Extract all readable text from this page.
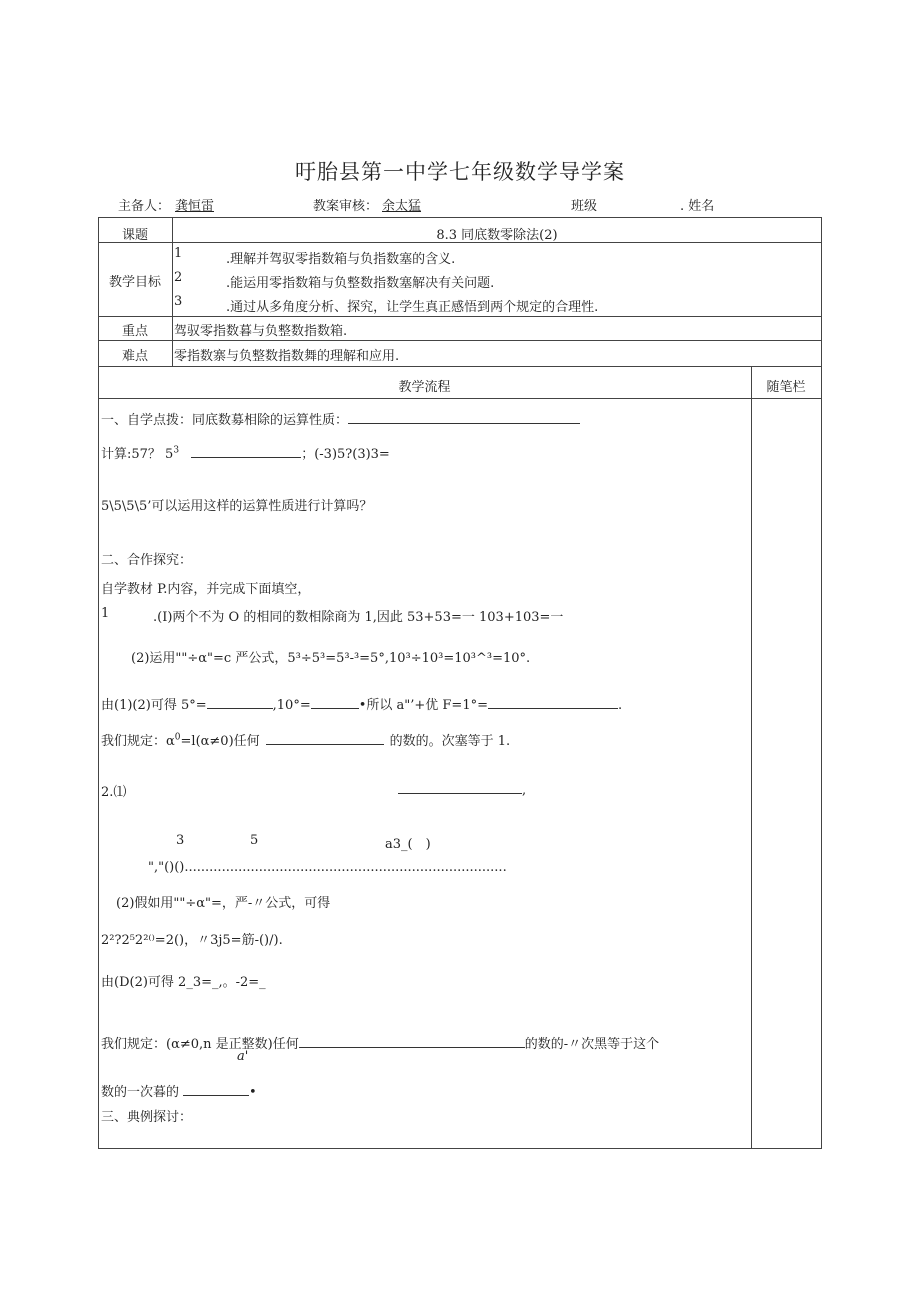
吁胎县第一中学七年级数学导学案
主备人： 龚恒雷	教案审核： 余太猛	班级	. 姓名
课题	8.3 同底数零除法(2)
教学目标
1	.理解并驾驭零指数箱与负指数塞的含义.
2	.能运用零指数箱与负整数指数塞解决有关问题.
3	.通过从多角度分析、探究，让学生真正感悟到两个规定的合理性.
重点	驾驭零指数暮与负整数指数箱.
难点	零指数寨与负整数指数舞的理解和应用.
教学流程	随笔栏
一、自学点拨：同底数募相除的运算性质：
计算:57？ $5^3$	；(-3)5?(3)3=
5\5\5\5’可以运用这样的运算性质进行计算吗？
二、合作探究：
自学教材 P.内容，并完成下面填空，
1	.(I)两个不为 O 的相同的数相除商为 1,因此 53+53=一 103+103=一
(2)运用""÷α"=c 严公式，5³÷5³=5³-³=5°,10³÷10³=10³^³=10°.
由(1)(2)可得 5°=	,10°=	•所以 a"’+优 F=1°=	.
我们规定：$\alpha^0=l(\alpha\ne 0)$任何	的数的。次塞等于 1.
2.⑴	,
3	5	a3_(　)
","()()..............................................................................
(2)假如用""÷α"=，严-〃公式，可得
2²?2⁵2²⁽⁾=2()，〃3j5=筋-()/).
由(D(2)可得 2_3=_,。-2=_
我们规定：(α≠0,n 是正整数)任何	的数的-〃次黑等于这个
a'
数的一次暮的	•
三、典例探讨：
